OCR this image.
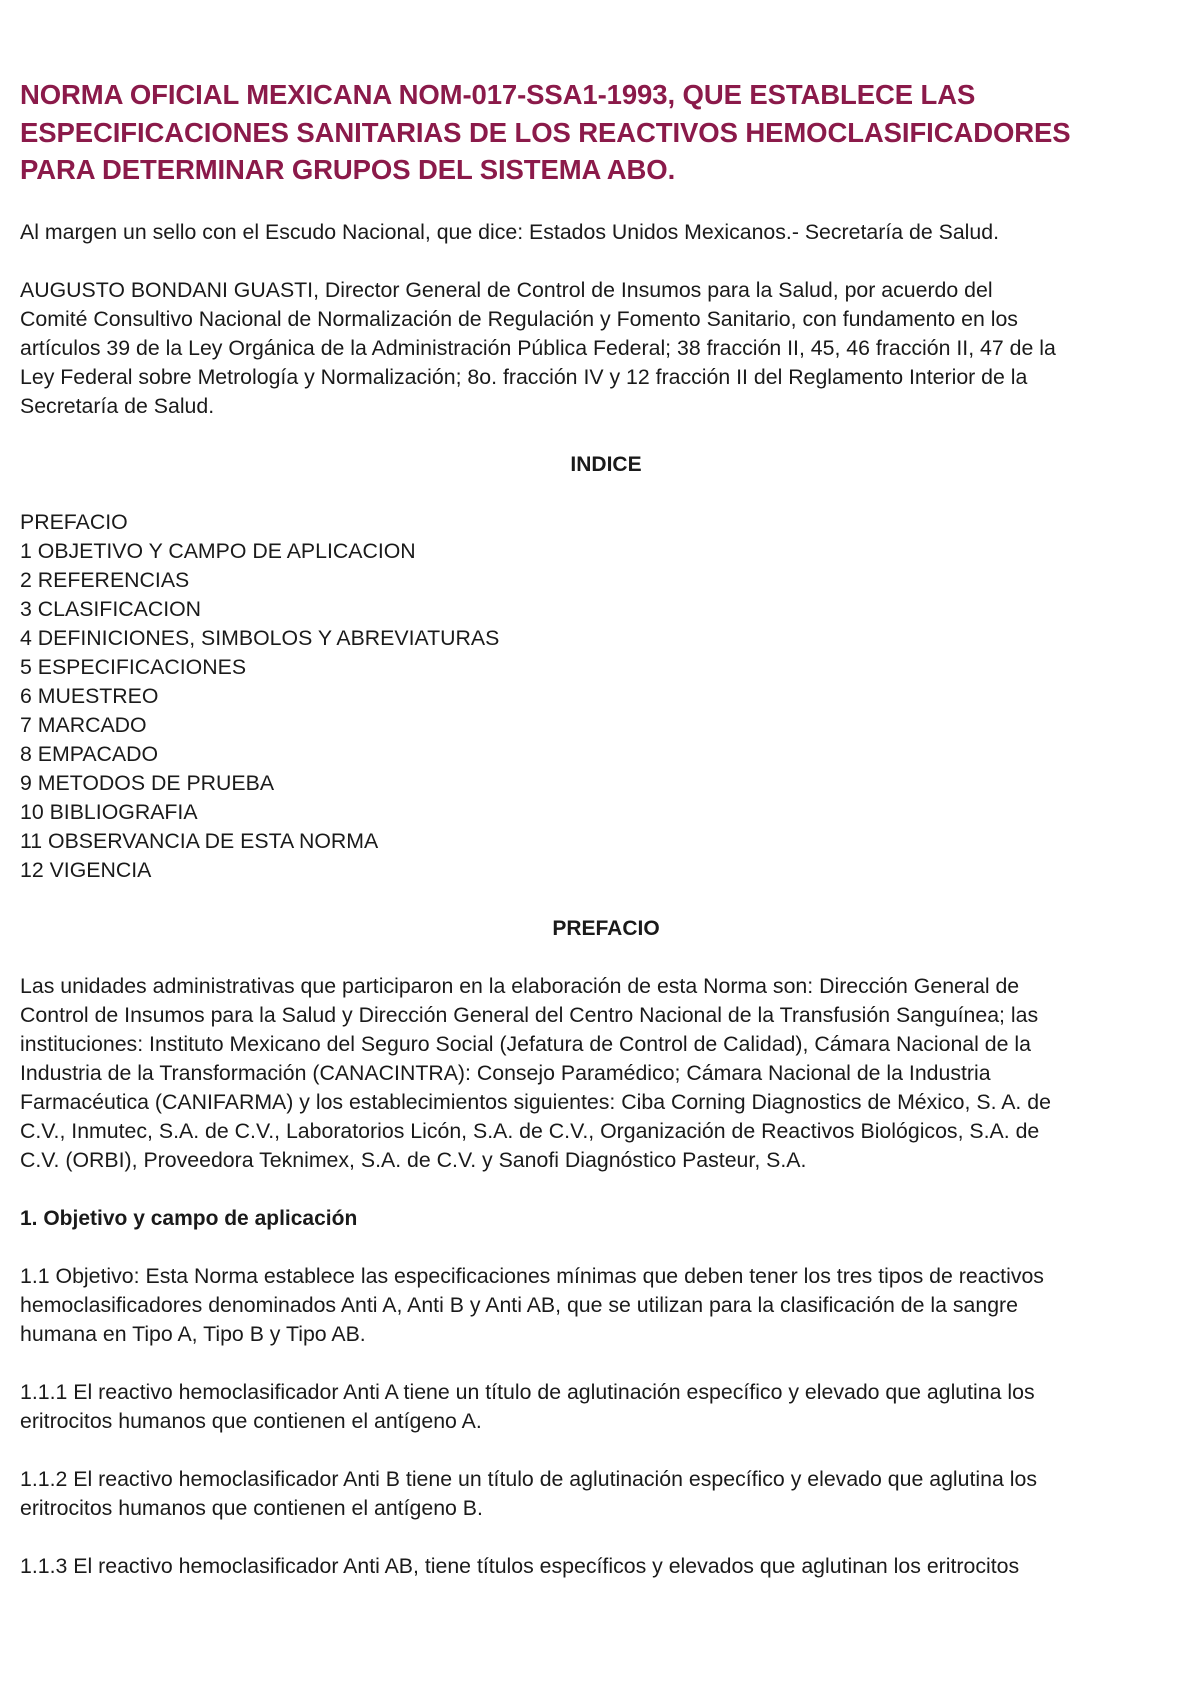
NORMA OFICIAL MEXICANA NOM-017-SSA1-1993, QUE ESTABLECE LAS
ESPECIFICACIONES SANITARIAS DE LOS REACTIVOS HEMOCLASIFICADORES
PARA DETERMINAR GRUPOS DEL SISTEMA ABO.
Al margen un sello con el Escudo Nacional, que dice: Estados Unidos Mexicanos.- Secretaría de Salud.
AUGUSTO BONDANI GUASTI, Director General de Control de Insumos para la Salud, por acuerdo del
Comité Consultivo Nacional de Normalización de Regulación y Fomento Sanitario, con fundamento en los
artículos 39 de la Ley Orgánica de la Administración Pública Federal; 38 fracción II, 45, 46 fracción II, 47 de la
Ley Federal sobre Metrología y Normalización; 8o. fracción IV y 12 fracción II del Reglamento Interior de la
Secretaría de Salud.
INDICE
PREFACIO
1 OBJETIVO Y CAMPO DE APLICACION
2 REFERENCIAS
3 CLASIFICACION
4 DEFINICIONES, SIMBOLOS Y ABREVIATURAS
5 ESPECIFICACIONES
6 MUESTREO
7 MARCADO
8 EMPACADO
9 METODOS DE PRUEBA
10 BIBLIOGRAFIA
11 OBSERVANCIA DE ESTA NORMA
12 VIGENCIA
PREFACIO
Las unidades administrativas que participaron en la elaboración de esta Norma son: Dirección General de
Control de Insumos para la Salud y Dirección General del Centro Nacional de la Transfusión Sanguínea; las
instituciones: Instituto Mexicano del Seguro Social (Jefatura de Control de Calidad), Cámara Nacional de la
Industria de la Transformación (CANACINTRA): Consejo Paramédico; Cámara Nacional de la Industria
Farmacéutica (CANIFARMA) y los establecimientos siguientes: Ciba Corning Diagnostics de México, S. A. de
C.V., Inmutec, S.A. de C.V., Laboratorios Licón, S.A. de C.V., Organización de Reactivos Biológicos, S.A. de
C.V. (ORBI), Proveedora Teknimex, S.A. de C.V. y Sanofi Diagnóstico Pasteur, S.A.
1. Objetivo y campo de aplicación
1.1 Objetivo: Esta Norma establece las especificaciones mínimas que deben tener los tres tipos de reactivos
hemoclasificadores denominados Anti A, Anti B y Anti AB, que se utilizan para la clasificación de la sangre
humana en Tipo A, Tipo B y Tipo AB.
1.1.1 El reactivo hemoclasificador Anti A tiene un título de aglutinación específico y elevado que aglutina los
eritrocitos humanos que contienen el antígeno A.
1.1.2 El reactivo hemoclasificador Anti B tiene un título de aglutinación específico y elevado que aglutina los
eritrocitos humanos que contienen el antígeno B.
1.1.3 El reactivo hemoclasificador Anti AB, tiene títulos específicos y elevados que aglutinan los eritrocitos
